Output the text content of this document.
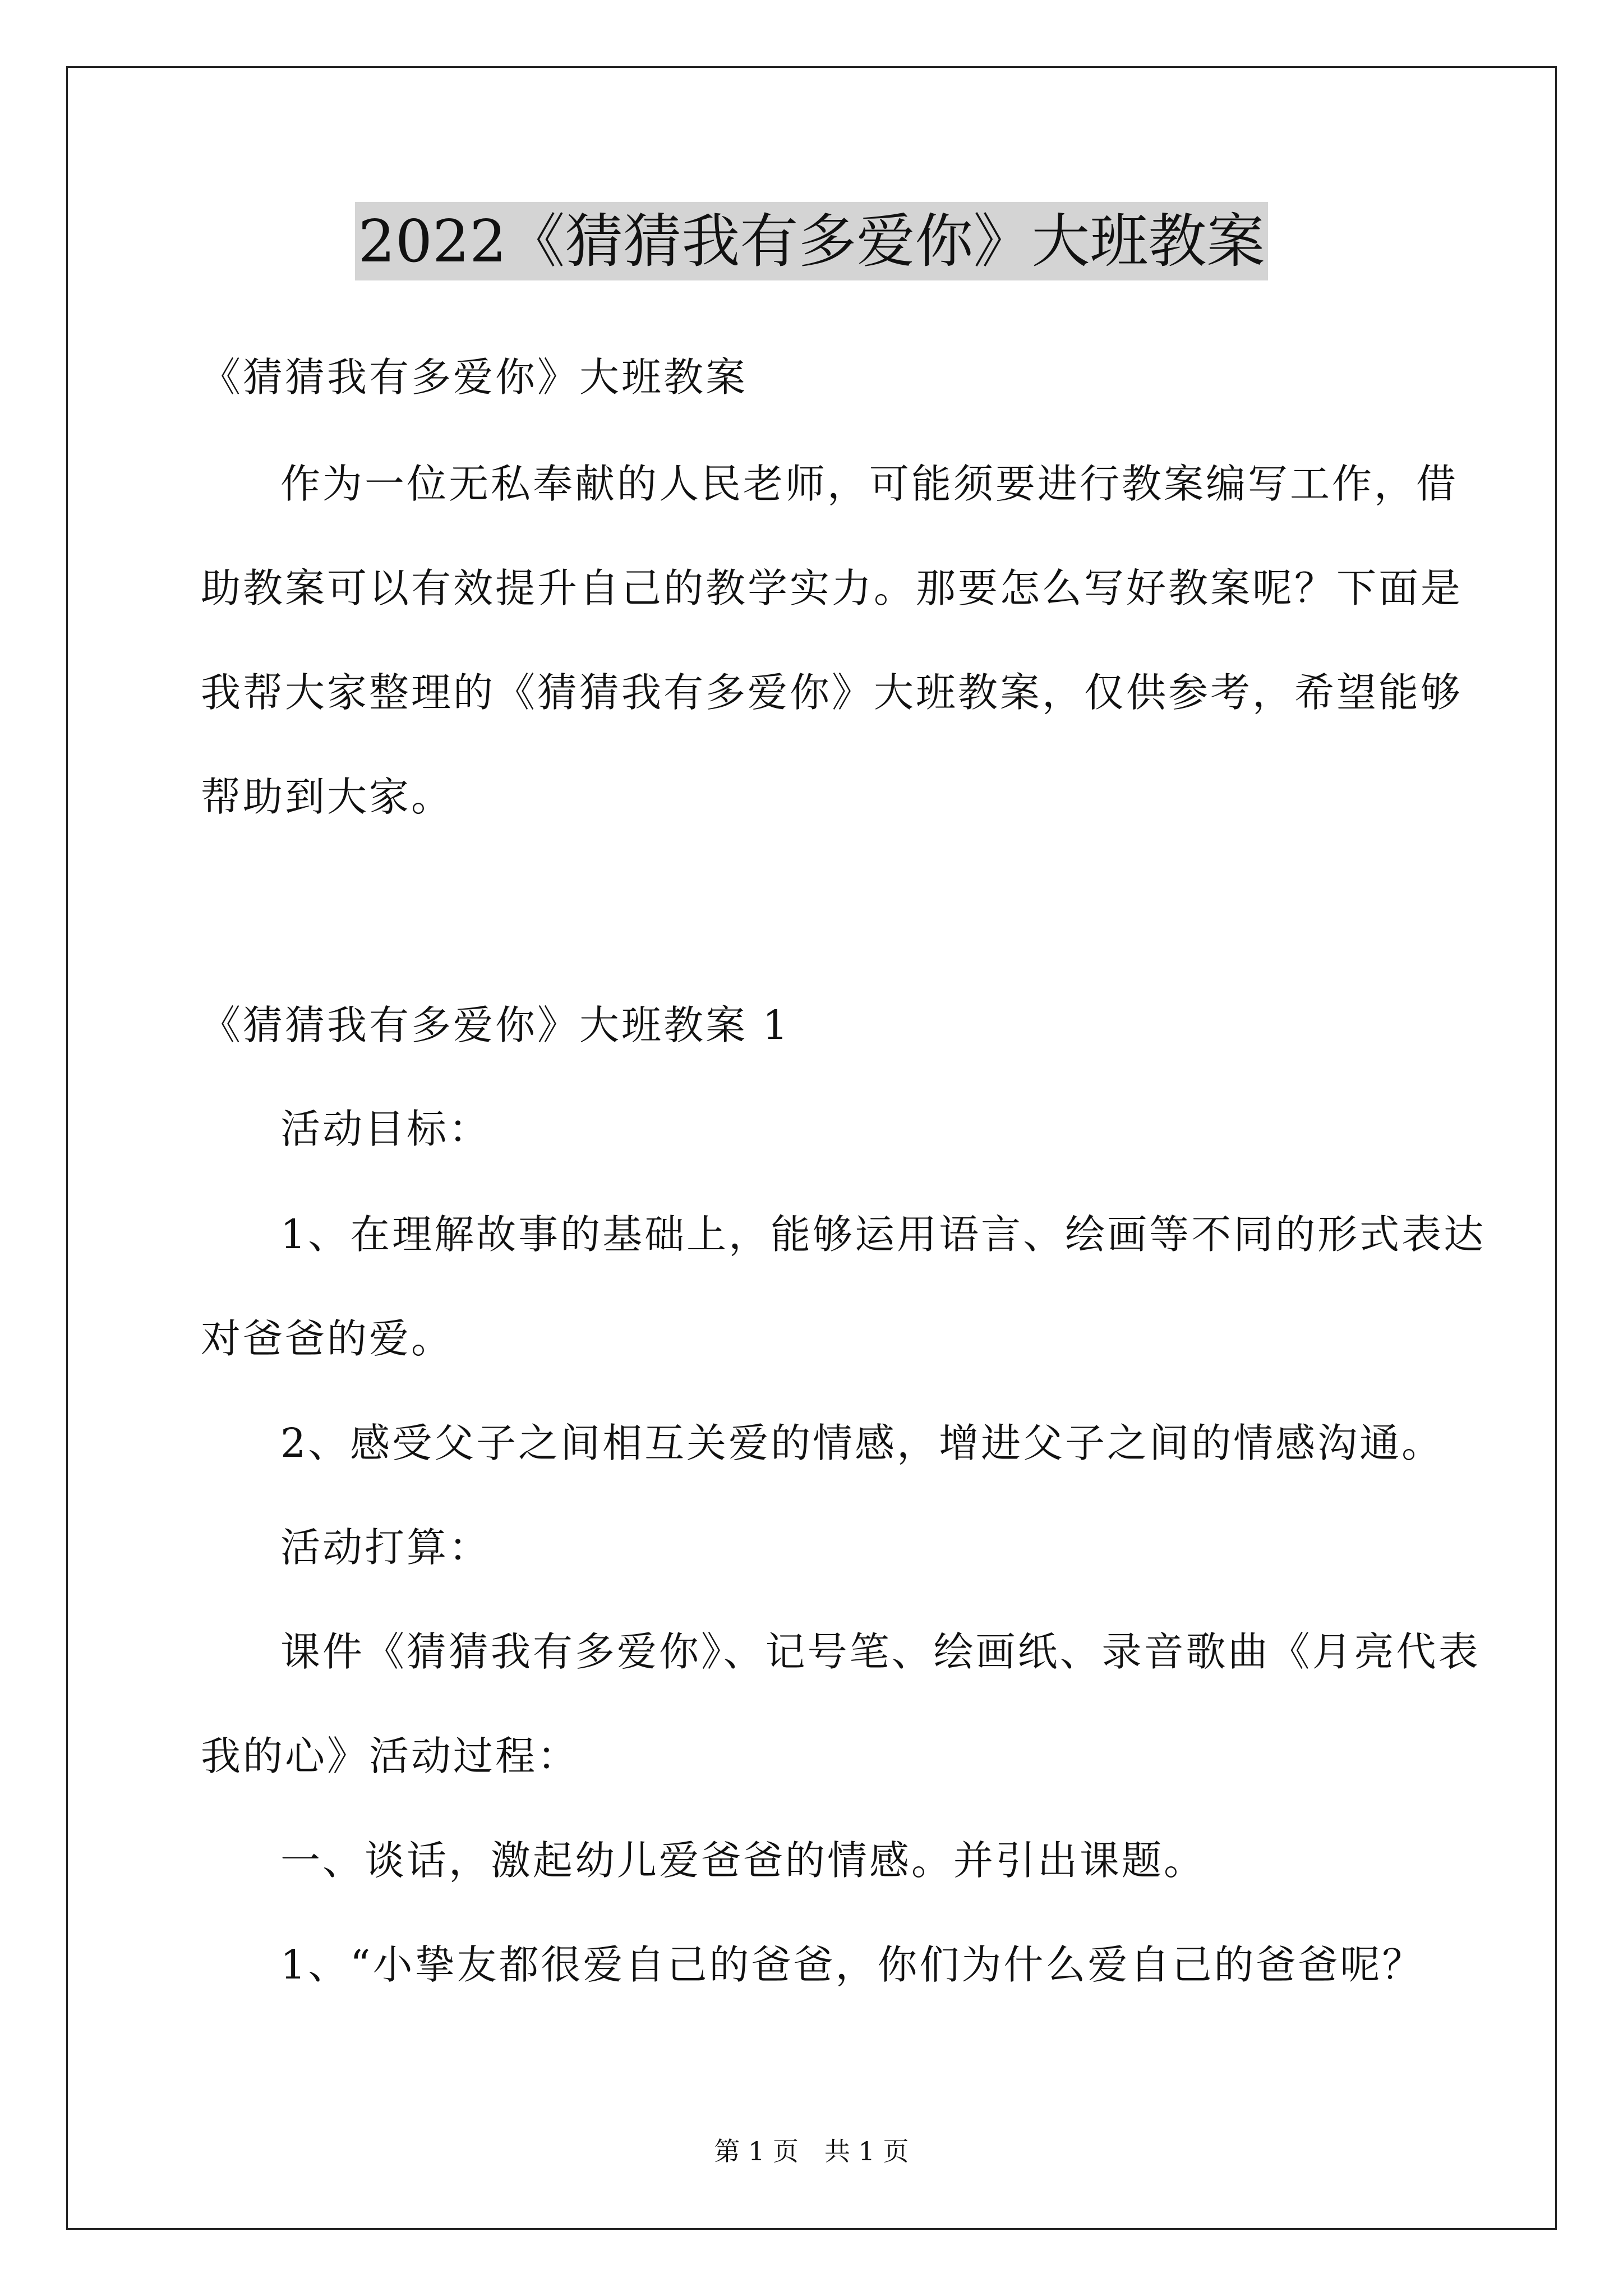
2022《猜猜我有多爱你》大班教案

《猜猜我有多爱你》大班教案

作为一位无私奉献的人民老师，可能须要进行教案编写工作，借
助教案可以有效提升自己的教学实力。那要怎么写好教案呢？下面是
我帮大家整理的《猜猜我有多爱你》大班教案，仅供参考，希望能够
帮助到大家。

《猜猜我有多爱你》大班教案 1

活动目标：

1、在理解故事的基础上，能够运用语言、绘画等不同的形式表达
对爸爸的爱。

2、感受父子之间相互关爱的情感，增进父子之间的情感沟通。

活动打算：

课件《猜猜我有多爱你》、记号笔、绘画纸、录音歌曲《月亮代表
我的心》活动过程：

一、谈话，激起幼儿爱爸爸的情感。并引出课题。

1、“小挚友都很爱自己的爸爸，你们为什么爱自己的爸爸呢？

第 1 页　共 1 页
